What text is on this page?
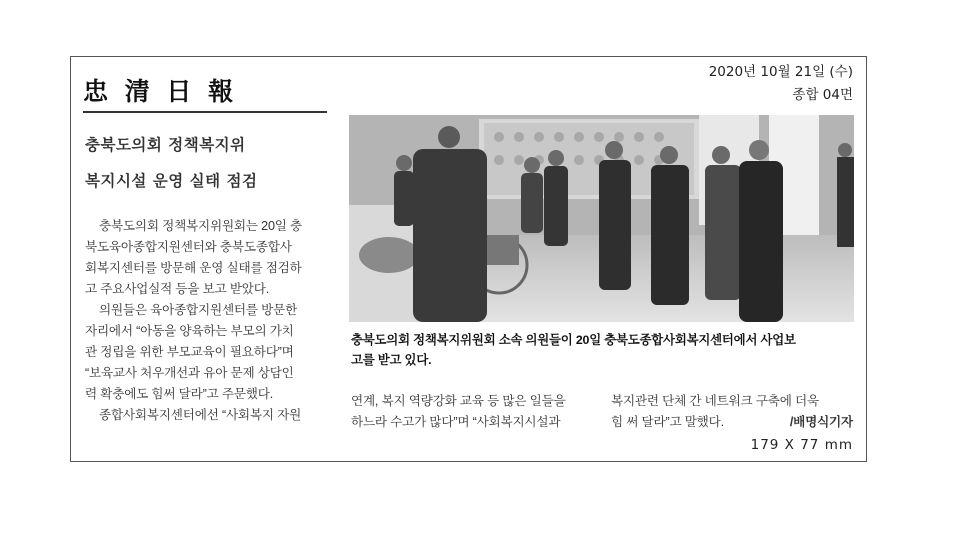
忠 清 日 報
2020년 10월 21일 (수)
종합 04면
충북도의회 정책복지위
복지시설 운영 실태 점검
충북도의회 정책복지위원회는 20일 충
북도육아종합지원센터와 충북도종합사
회복지센터를 방문해 운영 실태를 점검하
고 주요사업실적 등을 보고 받았다.
의원들은 육아종합지원센터를 방문한
자리에서 “아동을 양육하는 부모의 가치
관 정립을 위한 부모교육이 필요하다”며
“보육교사 처우개선과 유아 문제 상담인
력 확충에도 힘써 달라”고 주문했다.
종합사회복지센터에선 “사회복지 자원
충북도의회 정책복지위원회 소속 의원들이 20일 충북도종합사회복지센터에서 사업보
고를 받고 있다.
연계, 복지 역량강화 교육 등 많은 일들을
하느라 수고가 많다”며 “사회복지시설과
복지관련 단체 간 네트워크 구축에 더욱
힘 써 달라”고 말했다.	/배명식기자
179 X 77 mm
